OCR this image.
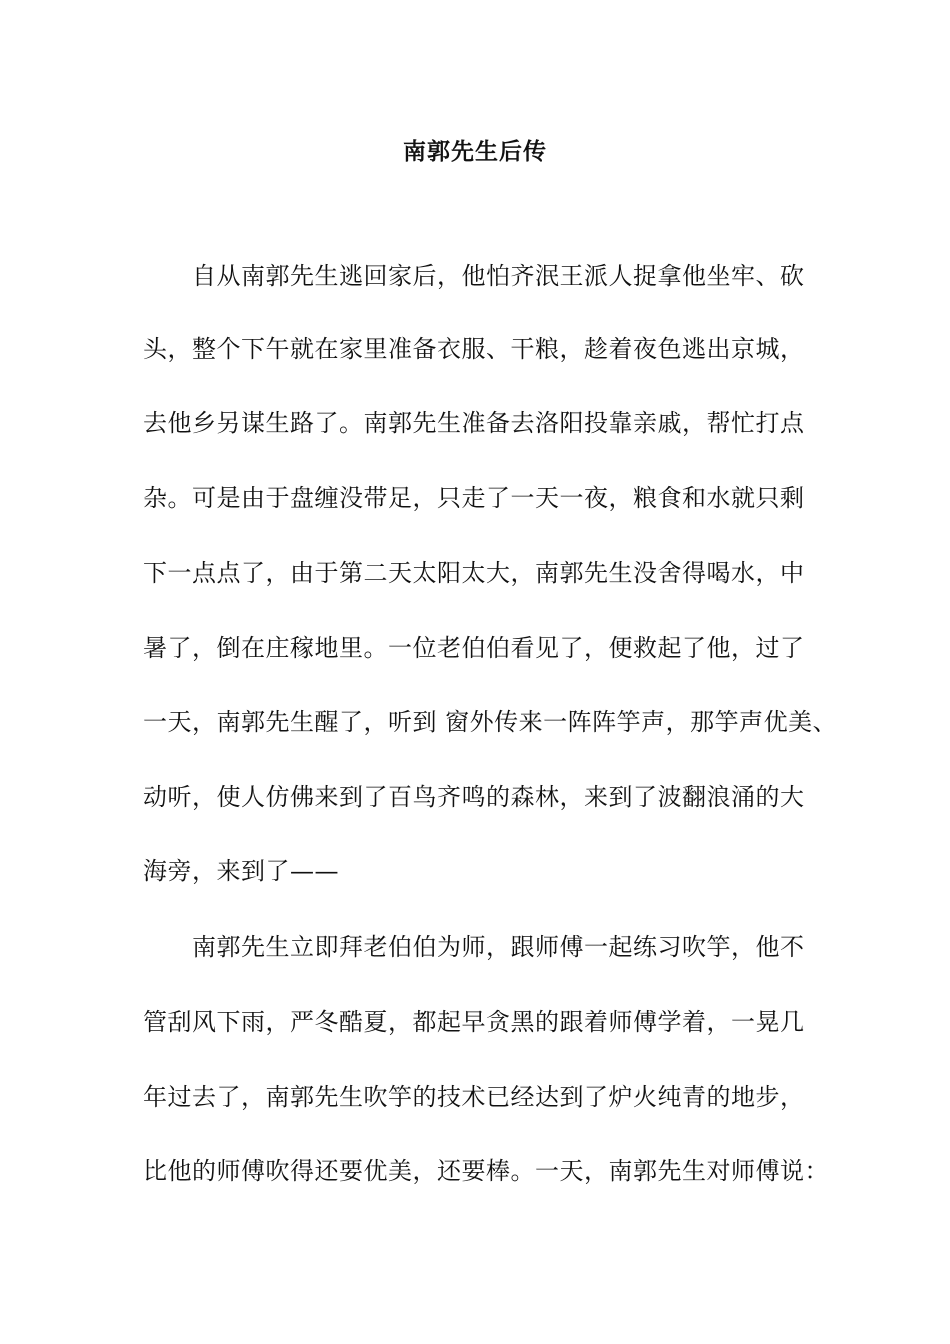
南郭先生后传
自从南郭先生逃回家后，他怕齐泯王派人捉拿他坐牢、砍
头，整个下午就在家里准备衣服、干粮，趁着夜色逃出京城，
去他乡另谋生路了。南郭先生准备去洛阳投靠亲戚，帮忙打点
杂。可是由于盘缠没带足，只走了一天一夜，粮食和水就只剩
下一点点了，由于第二天太阳太大，南郭先生没舍得喝水，中
暑了，倒在庄稼地里。一位老伯伯看见了，便救起了他，过了
一天，南郭先生醒了，听到 窗外传来一阵阵竽声，那竽声优美、
动听，使人仿佛来到了百鸟齐鸣的森林，来到了波翻浪涌的大
海旁，来到了——
南郭先生立即拜老伯伯为师，跟师傅一起练习吹竽，他不
管刮风下雨，严冬酷夏，都起早贪黑的跟着师傅学着，一晃几
年过去了，南郭先生吹竽的技术已经达到了炉火纯青的地步，
比他的师傅吹得还要优美，还要棒。一天，南郭先生对师傅说：
